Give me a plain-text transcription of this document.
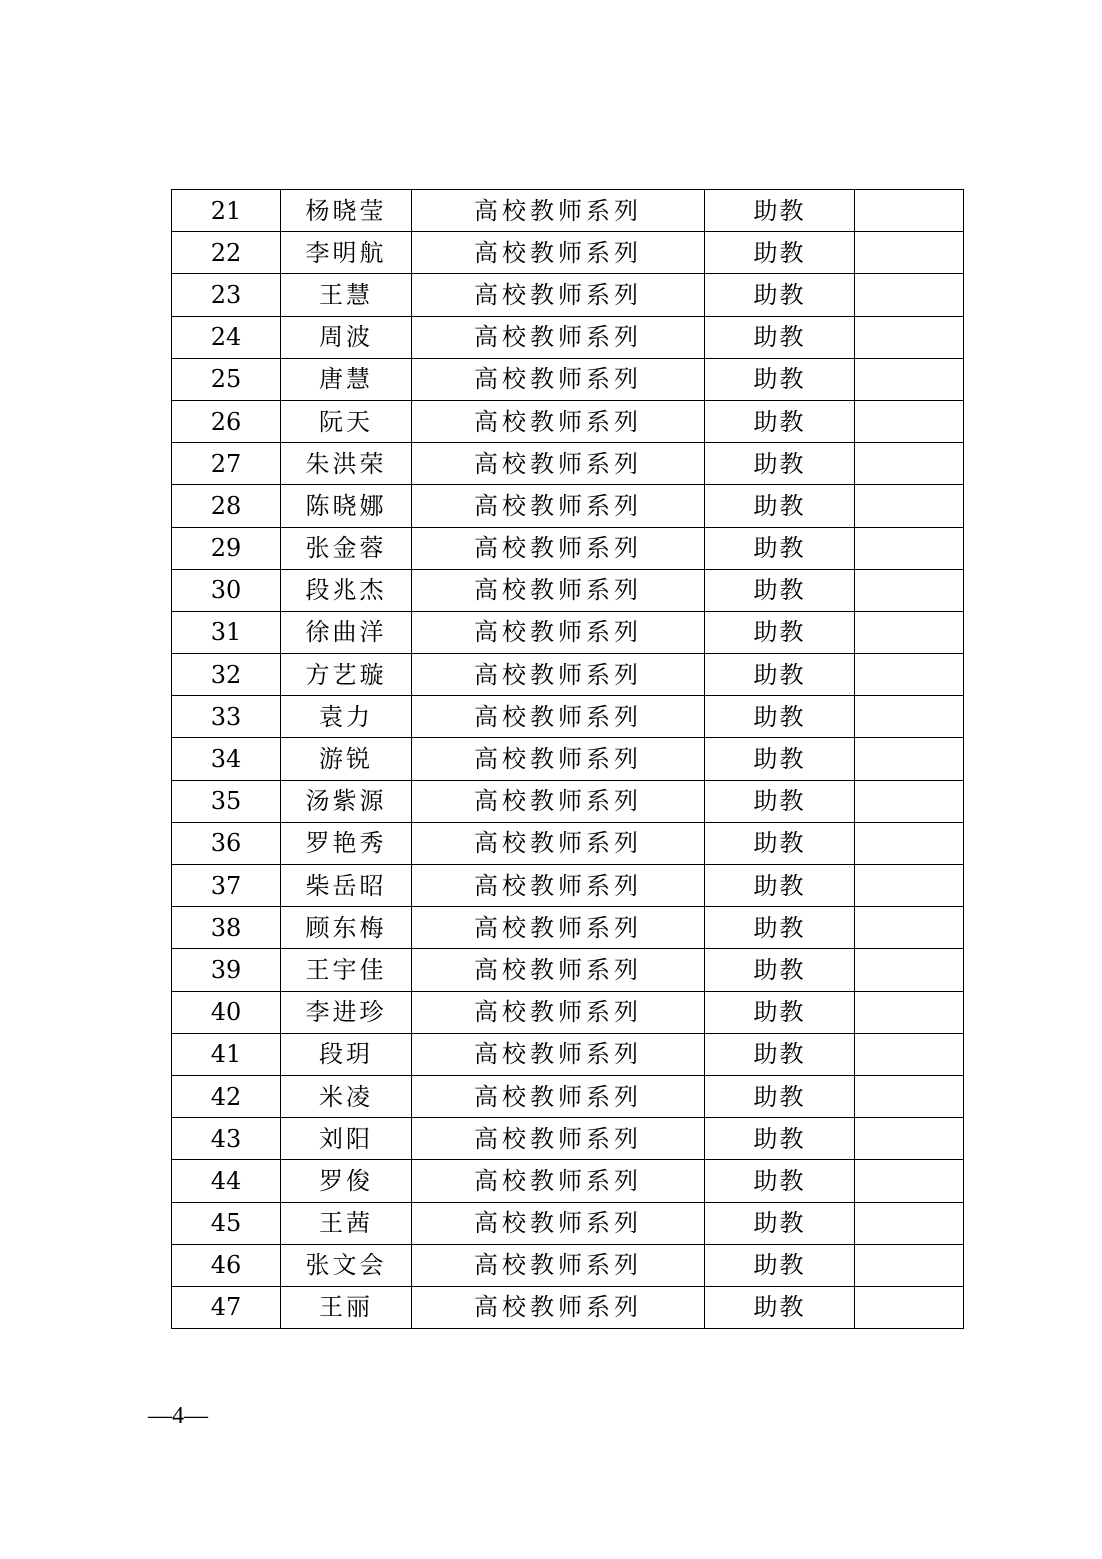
21	杨晓莹	高校教师系列	助教	
22	李明航	高校教师系列	助教	
23	王慧	高校教师系列	助教	
24	周波	高校教师系列	助教	
25	唐慧	高校教师系列	助教	
26	阮天	高校教师系列	助教	
27	朱洪荣	高校教师系列	助教	
28	陈晓娜	高校教师系列	助教	
29	张金蓉	高校教师系列	助教	
30	段兆杰	高校教师系列	助教	
31	徐曲洋	高校教师系列	助教	
32	方艺璇	高校教师系列	助教	
33	袁力	高校教师系列	助教	
34	游锐	高校教师系列	助教	
35	汤紫源	高校教师系列	助教	
36	罗艳秀	高校教师系列	助教	
37	柴岳昭	高校教师系列	助教	
38	顾东梅	高校教师系列	助教	
39	王宇佳	高校教师系列	助教	
40	李进珍	高校教师系列	助教	
41	段玥	高校教师系列	助教	
42	米凌	高校教师系列	助教	
43	刘阳	高校教师系列	助教	
44	罗俊	高校教师系列	助教	
45	王茜	高校教师系列	助教	
46	张文会	高校教师系列	助教	
47	王丽	高校教师系列	助教	
—4—
